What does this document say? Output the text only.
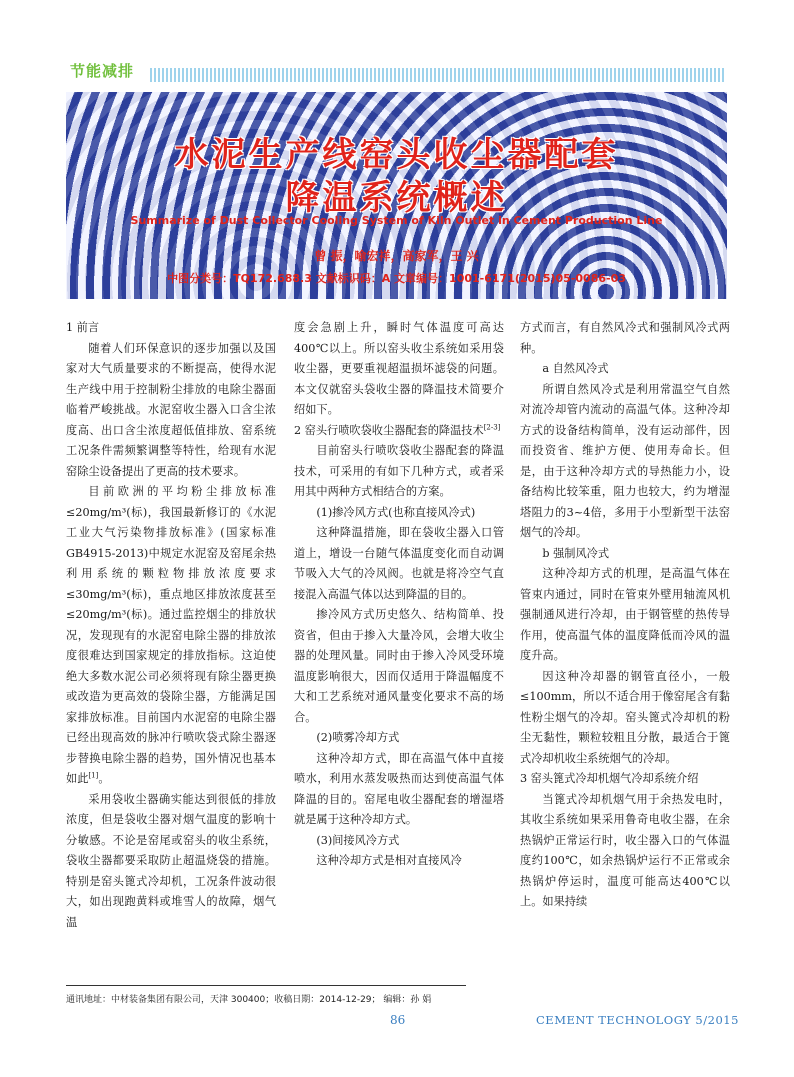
节能减排
水泥生产线窑头收尘器配套
降温系统概述
Summarize of Dust Collector Cooling System of Kiln Outlet in Cement Production Line
曾 振，喻宏祥，高家军，王 兴
中图分类号：TQ172.688.3 文献标识码：A 文章编号：1001-6171(2015)05-0086-03

1 前言

随着人们环保意识的逐步加强以及国家对大气质量要求的不断提高，使得水泥生产线中用于控制粉尘排放的电除尘器面临着严峻挑战。水泥窑收尘器入口含尘浓度高、出口含尘浓度超低值排放、窑系统工况条件需频繁调整等特性，给现有水泥窑除尘设备提出了更高的技术要求。

目前欧洲的平均粉尘排放标准≤20mg/m³(标)，我国最新修订的《水泥工业大气污染物排放标准》(国家标准GB4915-2013)中规定水泥窑及窑尾余热利用系统的颗粒物排放浓度要求≤30mg/m³(标)，重点地区排放浓度甚至≤20mg/m³(标)。通过监控烟尘的排放状况，发现现有的水泥窑电除尘器的排放浓度很难达到国家规定的排放指标。这迫使绝大多数水泥公司必须将现有除尘器更换或改造为更高效的袋除尘器，方能满足国家排放标准。目前国内水泥窑的电除尘器已经出现高效的脉冲行喷吹袋式除尘器逐步替换电除尘器的趋势，国外情况也基本如此[1]。

采用袋收尘器确实能达到很低的排放浓度，但是袋收尘器对烟气温度的影响十分敏感。不论是窑尾或窑头的收尘系统，袋收尘器都要采取防止超温烧袋的措施。特别是窑头篦式冷却机，工况条件波动很大，如出现跑黄料或堆雪人的故障，烟气温

度会急剧上升，瞬时气体温度可高达400℃以上。所以窑头收尘系统如采用袋收尘器，更要重视超温损坏滤袋的问题。本文仅就窑头袋收尘器的降温技术简要介绍如下。

2 窑头行喷吹袋收尘器配套的降温技术[2-3]

目前窑头行喷吹袋收尘器配套的降温技术，可采用的有如下几种方式，或者采用其中两种方式相结合的方案。

(1)掺冷风方式(也称直接风冷式)

这种降温措施，即在袋收尘器入口管道上，增设一台随气体温度变化而自动调节吸入大气的冷风阀。也就是将冷空气直接混入高温气体以达到降温的目的。

掺冷风方式历史悠久、结构简单、投资省，但由于掺入大量冷风，会增大收尘器的处理风量。同时由于掺入冷风受环境温度影响很大，因而仅适用于降温幅度不大和工艺系统对通风量变化要求不高的场合。

(2)喷雾冷却方式

这种冷却方式，即在高温气体中直接喷水，利用水蒸发吸热而达到使高温气体降温的目的。窑尾电收尘器配套的增湿塔就是属于这种冷却方式。

(3)间接风冷方式

这种冷却方式是相对直接风冷

方式而言，有自然风冷式和强制风冷式两种。

a 自然风冷式

所谓自然风冷式是利用常温空气自然对流冷却管内流动的高温气体。这种冷却方式的设备结构简单，没有运动部件，因而投资省、维护方便、使用寿命长。但是，由于这种冷却方式的导热能力小，设备结构比较笨重，阻力也较大，约为增湿塔阻力的3~4倍，多用于小型新型干法窑烟气的冷却。

b 强制风冷式

这种冷却方式的机理，是高温气体在管束内通过，同时在管束外壁用轴流风机强制通风进行冷却，由于钢管壁的热传导作用，使高温气体的温度降低而冷风的温度升高。

因这种冷却器的钢管直径小，一般≤100mm，所以不适合用于像窑尾含有黏性粉尘烟气的冷却。窑头篦式冷却机的粉尘无黏性，颗粒较粗且分散，最适合于篦式冷却机收尘系统烟气的冷却。

3 窑头篦式冷却机烟气冷却系统介绍

当篦式冷却机烟气用于余热发电时，其收尘系统如果采用鲁奇电收尘器，在余热锅炉正常运行时，收尘器入口的气体温度约100℃，如余热锅炉运行不正常或余热锅炉停运时，温度可能高达400℃以上。如果持续

通讯地址：中材装备集团有限公司，天津 300400；收稿日期：2014-12-29； 编辑：孙 娟
86	CEMENT TECHNOLOGY 5/2015
